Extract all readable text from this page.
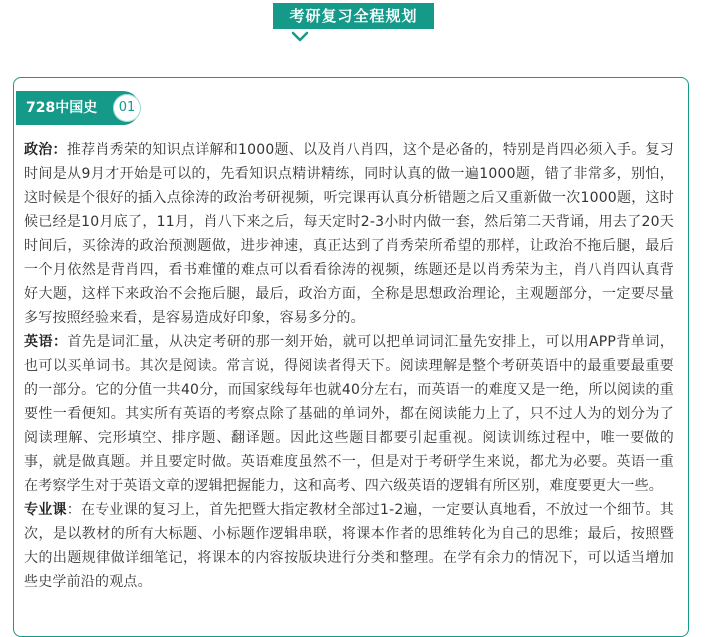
考研复习全程规划
728中国史	01

政治：推荐肖秀荣的知识点详解和1000题、以及肖八肖四，这个是必备的，特别是肖四必须入手。复习时间是从9月才开始是可以的，先看知识点精讲精练，同时认真的做一遍1000题，错了非常多，别怕，这时候是个很好的插入点徐涛的政治考研视频，听完课再认真分析错题之后又重新做一次1000题，这时候已经是10月底了，11月，肖八下来之后，每天定时2-3小时内做一套，然后第二天背诵，用去了20天时间后，买徐涛的政治预测题做，进步神速，真正达到了肖秀荣所希望的那样，让政治不拖后腿，最后一个月依然是背肖四，看书难懂的难点可以看看徐涛的视频，练题还是以肖秀荣为主，肖八肖四认真背好大题，这样下来政治不会拖后腿，最后，政治方面，全称是思想政治理论，主观题部分，一定要尽量多写按照经验来看，是容易造成好印象，容易多分的。

英语：首先是词汇量，从决定考研的那一刻开始，就可以把单词词汇量先安排上，可以用APP背单词，也可以买单词书。其次是阅读。常言说，得阅读者得天下。阅读理解是整个考研英语中的最重要最重要的一部分。它的分值一共40分，而国家线每年也就40分左右，而英语一的难度又是一绝，所以阅读的重要性一看便知。其实所有英语的考察点除了基础的单词外，都在阅读能力上了，只不过人为的划分为了阅读理解、完形填空、排序题、翻译题。因此这些题目都要引起重视。阅读训练过程中，唯一要做的事，就是做真题。并且要定时做。英语难度虽然不一，但是对于考研学生来说，都尤为必要。英语一重在考察学生对于英语文章的逻辑把握能力，这和高考、四六级英语的逻辑有所区别，难度要更大一些。

专业课：在专业课的复习上，首先把暨大指定教材全部过1-2遍，一定要认真地看，不放过一个细节。其次，是以教材的所有大标题、小标题作逻辑串联，将课本作者的思维转化为自己的思维；最后，按照暨大的出题规律做详细笔记，将课本的内容按版块进行分类和整理。在学有余力的情况下，可以适当增加些史学前沿的观点。
